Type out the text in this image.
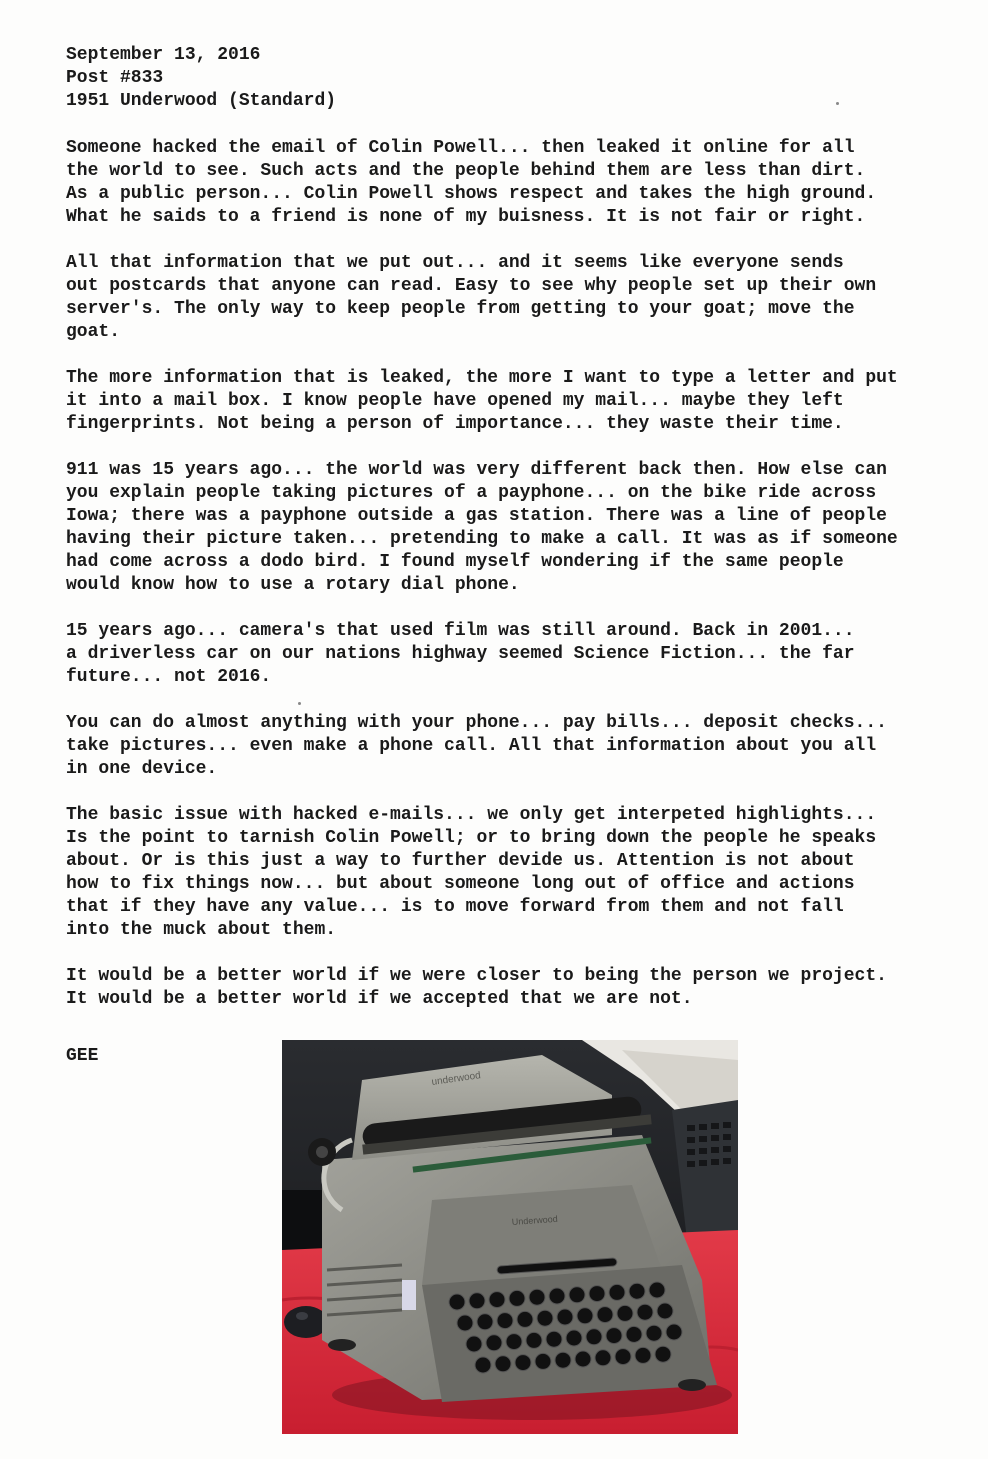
September 13, 2016
Post #833
1951 Underwood (Standard)
Someone hacked the email of Colin Powell... then leaked it online for all
the world to see. Such acts and the people behind them are less than dirt.
As a public person... Colin Powell shows respect and takes the high ground.
What he saids to a friend is none of my buisness. It is not fair or right.
All that information that we put out... and it seems like everyone sends
out postcards that anyone can read. Easy to see why people set up their own
server's. The only way to keep people from getting to your goat; move the
goat.
The more information that is leaked, the more I want to type a letter and put
it into a mail box. I know people have opened my mail... maybe they left
fingerprints. Not being a person of importance... they waste their time.
911 was 15 years ago... the world was very different back then. How else can
you explain people taking pictures of a payphone... on the bike ride across
Iowa; there was a payphone outside a gas station. There was a line of people
having their picture taken... pretending to make a call. It was as if someone
had come across a dodo bird. I found myself wondering if the same people
would know how to use a rotary dial phone.
15 years ago... camera's that used film was still around. Back in 2001...
a driverless car on our nations highway seemed Science Fiction... the far
future... not 2016.
You can do almost anything with your phone... pay bills... deposit checks...
take pictures... even make a phone call. All that information about you all
in one device.
The basic issue with hacked e-mails... we only get interpeted highlights...
Is the point to tarnish Colin Powell; or to bring down the people he speaks
about. Or is this just a way to further devide us. Attention is not about
how to fix things now... but about someone long out of office and actions
that if they have any value... is to move forward from them and not fall
into the muck about them.
It would be a better world if we were closer to being the person we project.
It would be a better world if we accepted that we are not.
GEE
underwood
Underwood
